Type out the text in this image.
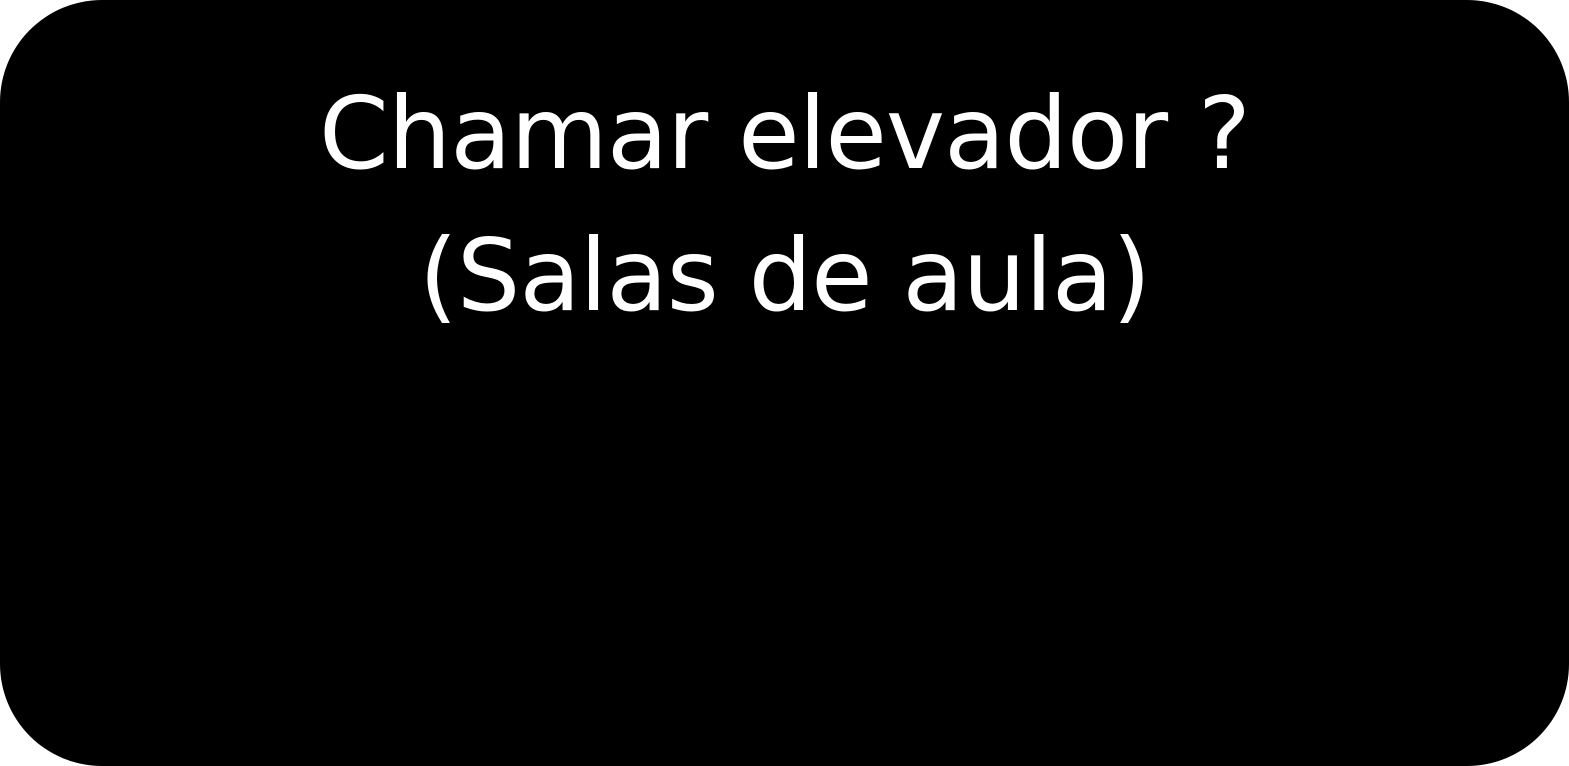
Chamar elevador ?
(Salas de aula)
